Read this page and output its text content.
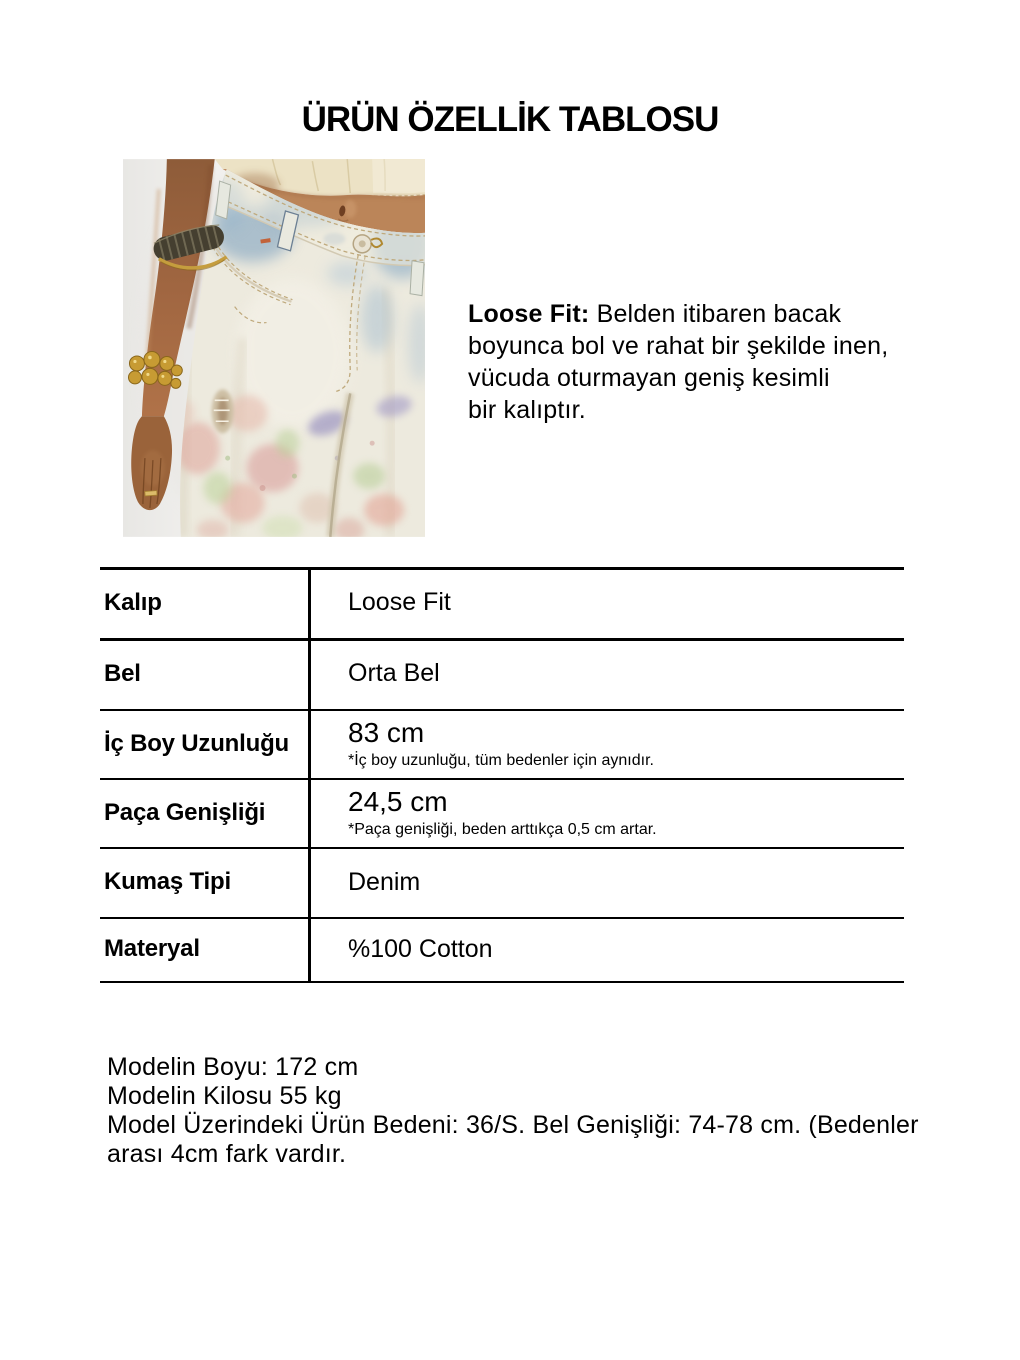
ÜRÜN ÖZELLİK TABLOSU
Loose Fit: Belden itibaren bacak
boyunca bol ve rahat bir şekilde inen,
vücuda oturmayan geniş kesimli
bir kalıptır.
Kalıp	Loose Fit
Bel	Orta Bel
İç Boy Uzunluğu	83 cm
*İç boy uzunluğu, tüm bedenler için aynıdır.
Paça Genişliği	24,5 cm
*Paça genişliği, beden arttıkça 0,5 cm artar.
Kumaş Tipi	Denim
Materyal	%100 Cotton
Modelin Boyu: 172 cm
Modelin Kilosu 55 kg
Model Üzerindeki Ürün Bedeni: 36/S. Bel Genişliği: 74-78 cm. (Bedenler
arası 4cm fark vardır.
